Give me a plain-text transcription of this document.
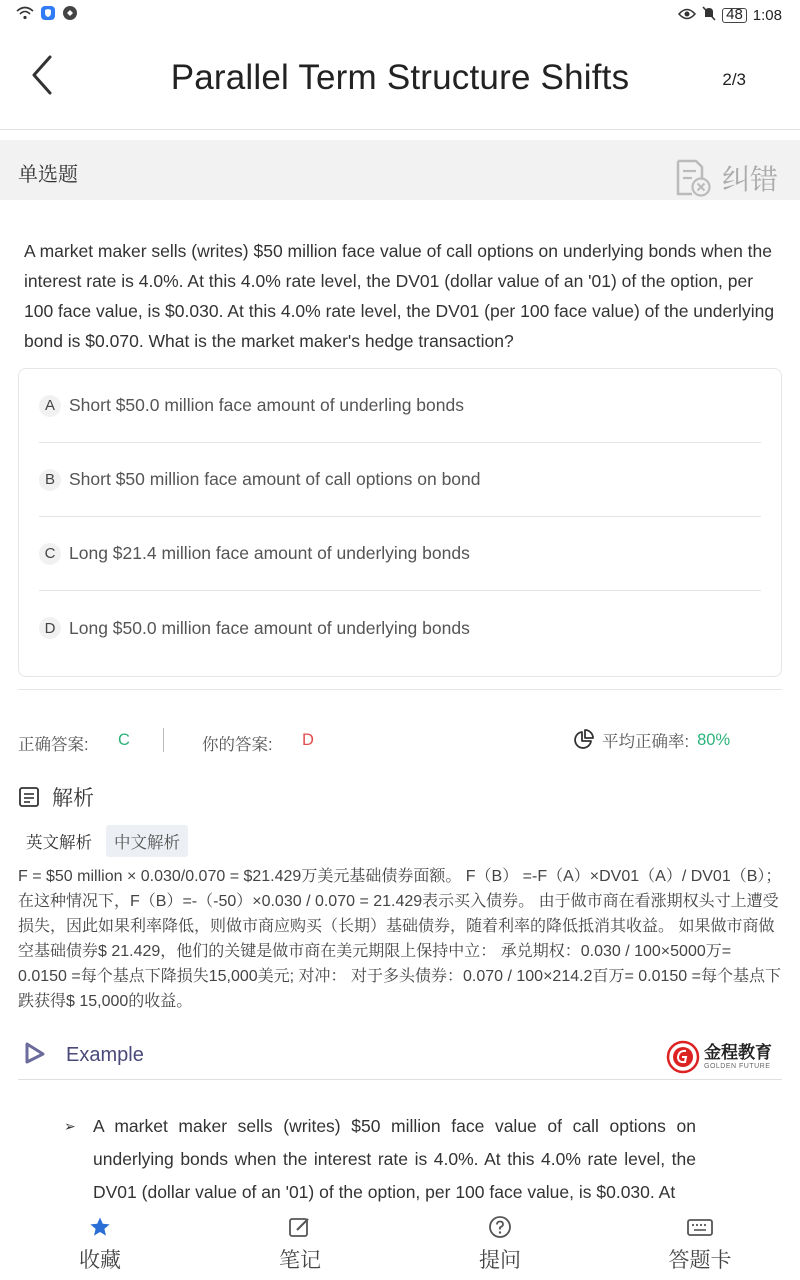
48 1:08
Parallel Term Structure Shifts	2/3
单选题	纠错
A market maker sells (writes) $50 million face value of call options on underlying bonds when the interest rate is 4.0%. At this 4.0% rate level, the DV01 (dollar value of an '01) of the option, per 100 face value, is $0.030. At this 4.0% rate level, the DV01 (per 100 face value) of the underlying bond is $0.070. What is the market maker's hedge transaction?
A Short $50.0 million face amount of underling bonds
B Short $50 million face amount of call options on bond
C Long $21.4 million face amount of underlying bonds
D Long $50.0 million face amount of underlying bonds
正确答案: C	你的答案: D	平均正确率: 80%
解析
英文解析	中文解析
F = $50 million × 0.030/0.070 = $21.429万美元基础债券面额。 F（B） =-F（A）×DV01（A）/ DV01（B）； 在这种情况下，F（B）=-（-50）×0.030 / 0.070 = 21.429表示买入债券。 由于做市商在看涨期权头寸上遭受损失，因此如果利率降低，则做市商应购买（长期）基础债券，随着利率的降低抵消其收益。 如果做市商做空基础债券$ 21.429，他们的关键是做市商在美元期限上保持中立： 承兑期权：0.030 / 100×5000万= 0.0150 =每个基点下降损失15,000美元; 对冲： 对于多头债券：0.070 / 100×214.2百万= 0.0150 =每个基点下跌获得$ 15,000的收益。
Example	金程教育
GOLDEN FUTURE
➢ A market maker sells (writes) $50 million face value of call options on underlying bonds when the interest rate is 4.0%. At this 4.0% rate level, the DV01 (dollar value of an '01) of the option, per 100 face value, is $0.030. At
收藏	笔记	提问	答题卡
